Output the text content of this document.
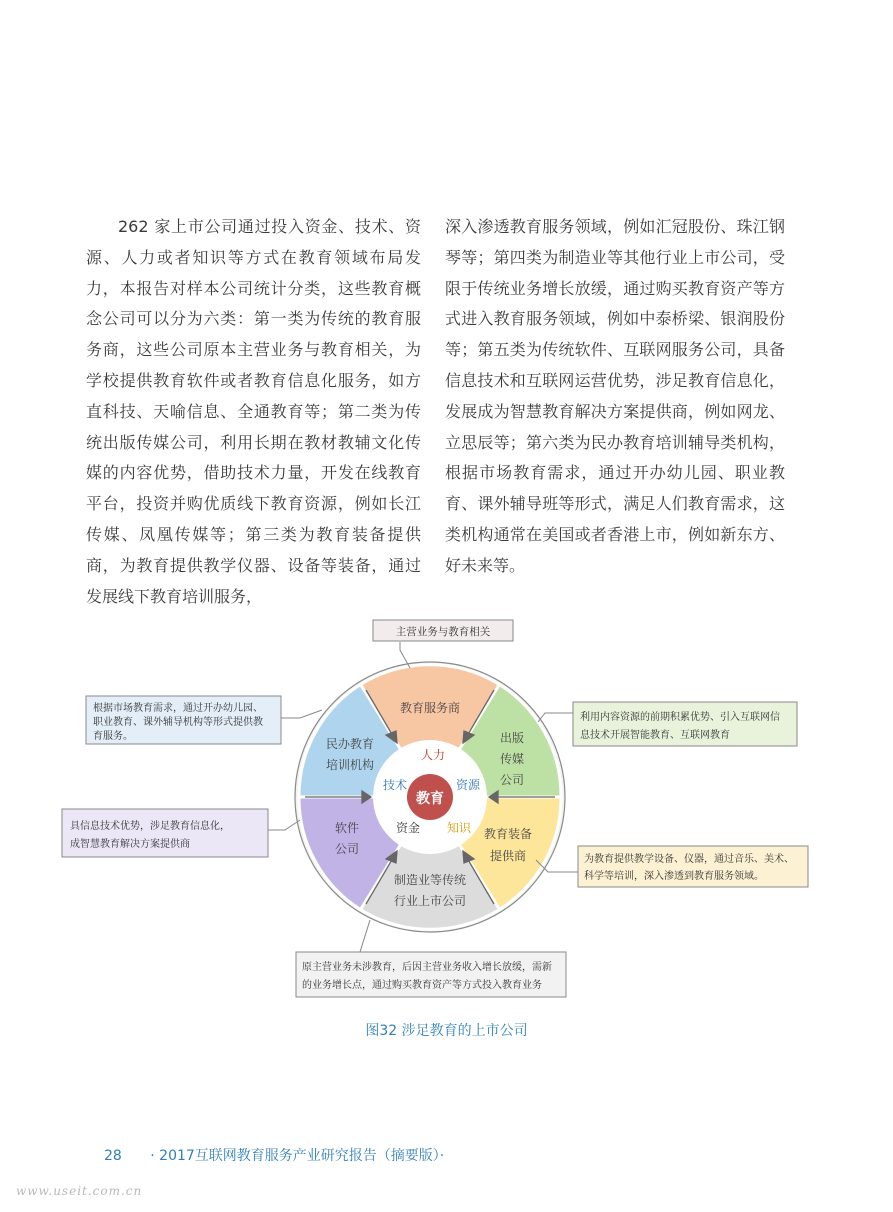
262 家上市公司通过投入资金、技术、资源、人力或者知识等方式在教育领域布局发力，本报告对样本公司统计分类，这些教育概念公司可以分为六类：第一类为传统的教育服务商，这些公司原本主营业务与教育相关，为学校提供教育软件或者教育信息化服务，如方直科技、天喻信息、全通教育等；第二类为传统出版传媒公司，利用长期在教材教辅文化传媒的内容优势，借助技术力量，开发在线教育平台，投资并购优质线下教育资源，例如长江传媒、凤凰传媒等；第三类为教育装备提供商，为教育提供教学仪器、设备等装备，通过发展线下教育培训服务，

深入渗透教育服务领域，例如汇冠股份、珠江钢琴等；第四类为制造业等其他行业上市公司，受限于传统业务增长放缓，通过购买教育资产等方式进入教育服务领域，例如中泰桥梁、银润股份等；第五类为传统软件、互联网服务公司，具备信息技术和互联网运营优势，涉足教育信息化，发展成为智慧教育解决方案提供商，例如网龙、立思辰等；第六类为民办教育培训辅导类机构，根据市场教育需求，通过开办幼儿园、职业教育、课外辅导班等形式，满足人们教育需求，这类机构通常在美国或者香港上市，例如新东方、好未来等。

教育
人力
资源
知识
资金
技术
教育服务商
出版
传媒
公司
教育装备
提供商
制造业等传统
行业上市公司
软件
公司
民办教育
培训机构
主营业务与教育相关
利用内容资源的前期积累优势、引入互联网信
息技术开展智能教育、互联网教育
为教育提供教学设备、仪器，通过音乐、美术、
科学等培训，深入渗透到教育服务领域。
原主营业务未涉教育，后因主营业务收入增长放缓，需新
的业务增长点，通过购买教育资产等方式投入教育业务
具信息技术优势，涉足教育信息化，
成智慧教育解决方案提供商
根据市场教育需求，通过开办幼儿园、
职业教育、课外辅导机构等形式提供教
育服务。
图32 涉足教育的上市公司
28 · 2017互联网教育服务产业研究报告（摘要版）·
www.useit.com.cn
